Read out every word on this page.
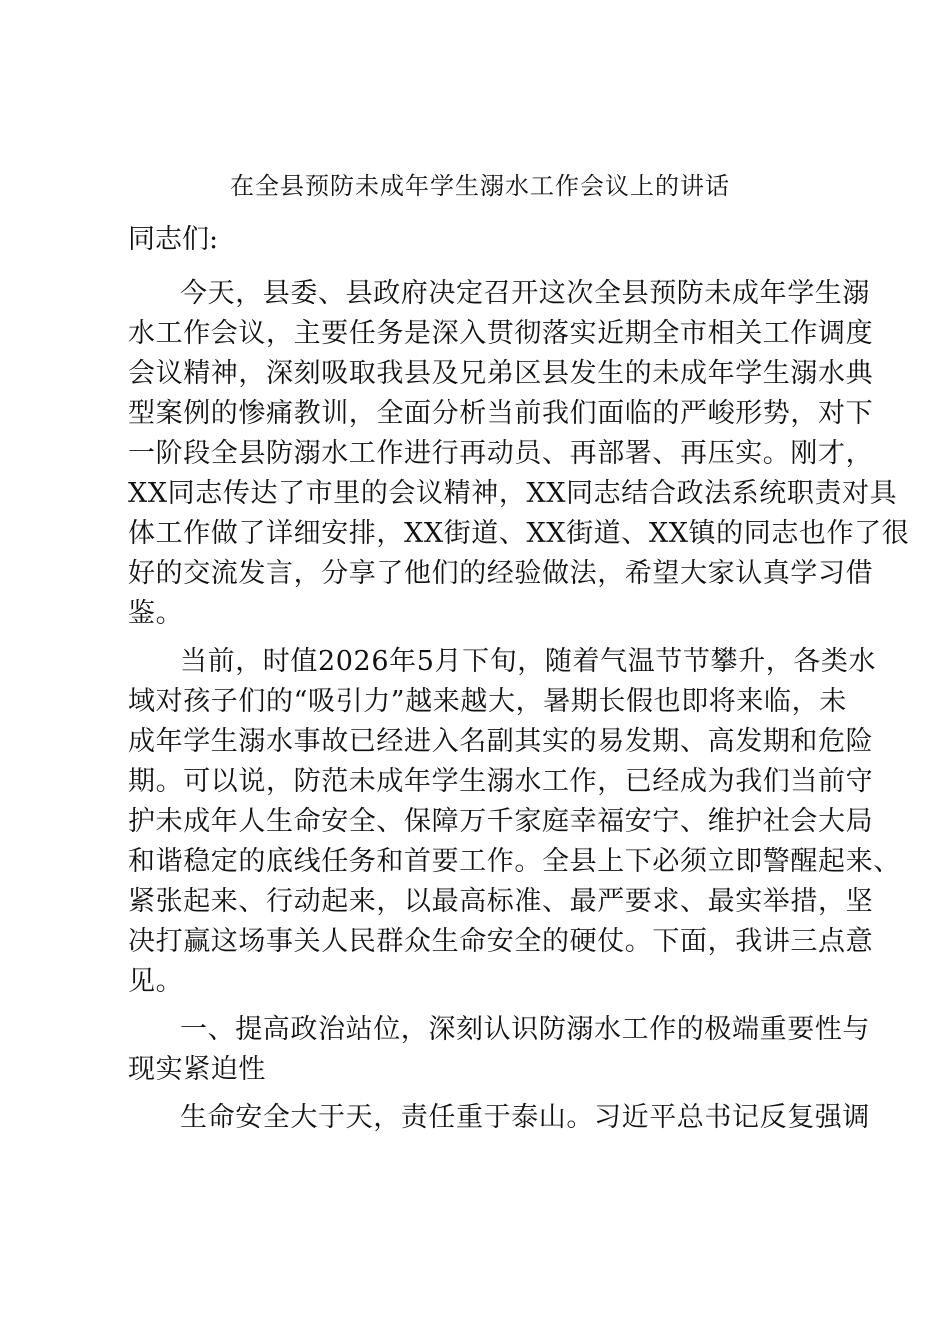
在全县预防未成年学生溺水工作会议上的讲话
同志们:
今天，县委、县政府决定召开这次全县预防未成年学生溺
水工作会议，主要任务是深入贯彻落实近期全市相关工作调度
会议精神，深刻吸取我县及兄弟区县发生的未成年学生溺水典
型案例的惨痛教训，全面分析当前我们面临的严峻形势，对下
一阶段全县防溺水工作进行再动员、再部署、再压实。刚才，
XX同志传达了市里的会议精神，XX同志结合政法系统职责对具
体工作做了详细安排，XX街道、XX街道、XX镇的同志也作了很
好的交流发言，分享了他们的经验做法，希望大家认真学习借
鉴。
当前，时值2026年5月下旬，随着气温节节攀升，各类水
域对孩子们的“吸引力”越来越大，暑期长假也即将来临，未
成年学生溺水事故已经进入名副其实的易发期、高发期和危险
期。可以说，防范未成年学生溺水工作，已经成为我们当前守
护未成年人生命安全、保障万千家庭幸福安宁、维护社会大局
和谐稳定的底线任务和首要工作。全县上下必须立即警醒起来、
紧张起来、行动起来，以最高标准、最严要求、最实举措，坚
决打赢这场事关人民群众生命安全的硬仗。下面，我讲三点意
见。
一、提高政治站位，深刻认识防溺水工作的极端重要性与
现实紧迫性
生命安全大于天，责任重于泰山。习近平总书记反复强调
